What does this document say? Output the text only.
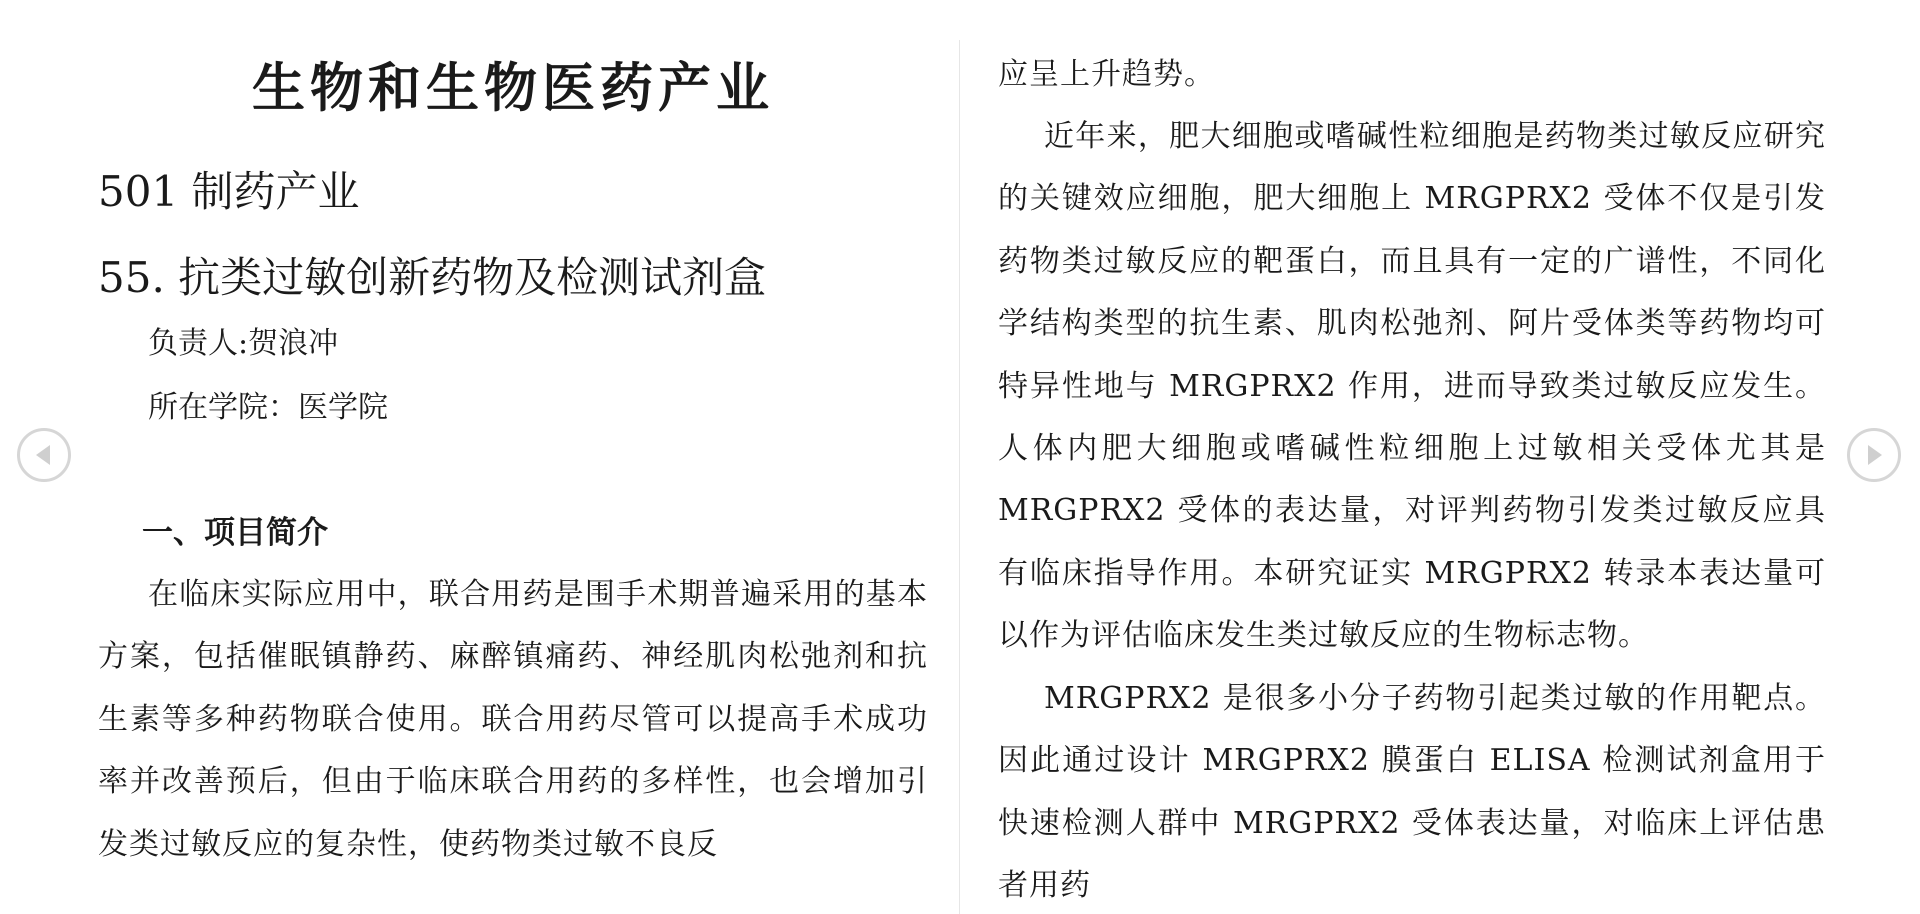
生物和生物医药产业
501 制药产业
55. 抗类过敏创新药物及检测试剂盒
负责人:贺浪冲
所在学院：医学院
一、项目简介

在临床实际应用中，联合用药是围手术期普遍采用的基本方案，包括催眠镇静药、麻醉镇痛药、神经肌肉松弛剂和抗生素等多种药物联合使用。联合用药尽管可以提高手术成功率并改善预后，但由于临床联合用药的多样性，也会增加引发类过敏反应的复杂性，使药物类过敏不良反

应呈上升趋势。

近年来，肥大细胞或嗜碱性粒细胞是药物类过敏反应研究的关键效应细胞，肥大细胞上 MRGPRX2 受体不仅是引发药物类过敏反应的靶蛋白，而且具有一定的广谱性，不同化学结构类型的抗生素、肌肉松弛剂、阿片受体类等药物均可特异性地与 MRGPRX2 作用，进而导致类过敏反应发生。人体内肥大细胞或嗜碱性粒细胞上过敏相关受体尤其是 MRGPRX2 受体的表达量，对评判药物引发类过敏反应具有临床指导作用。本研究证实 MRGPRX2 转录本表达量可以作为评估临床发生类过敏反应的生物标志物。

MRGPRX2 是很多小分子药物引起类过敏的作用靶点。因此通过设计 MRGPRX2 膜蛋白 ELISA 检测试剂盒用于快速检测人群中 MRGPRX2 受体表达量，对临床上评估患者用药
